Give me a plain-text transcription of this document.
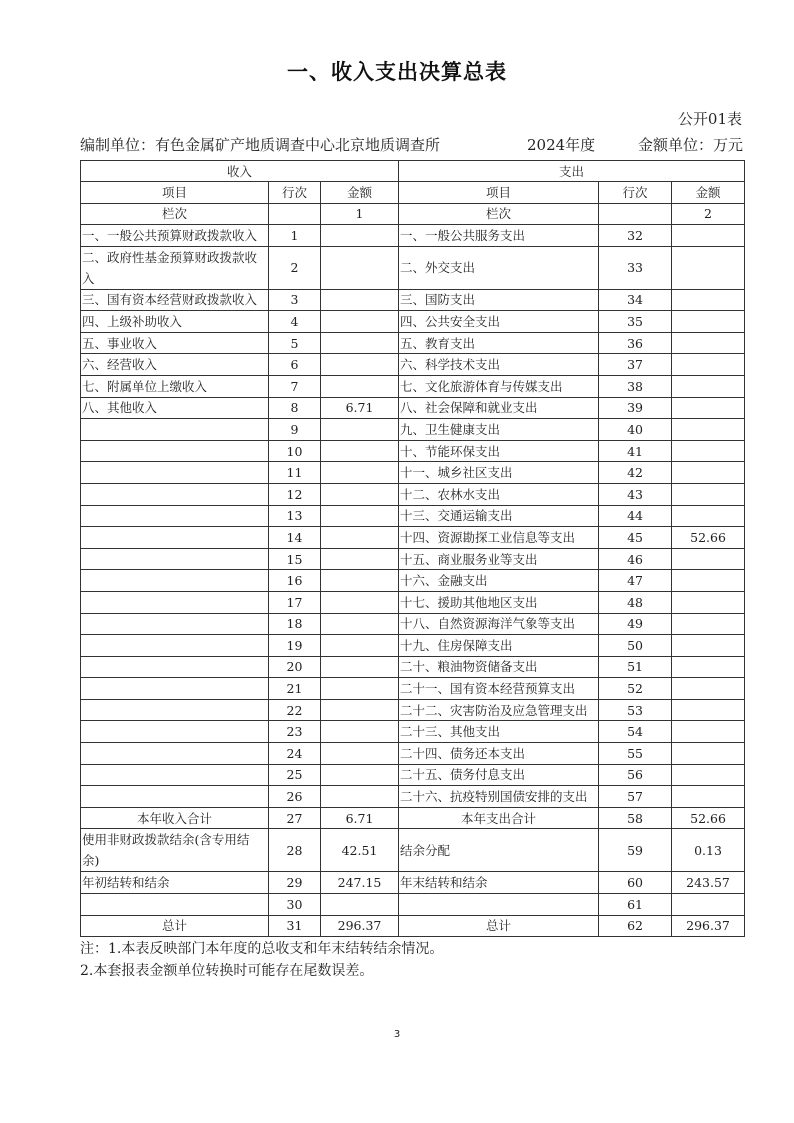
一、收入支出决算总表
公开01表
编制单位：有色金属矿产地质调查中心北京地质调查所	2024年度	金额单位：万元
收入			支出		
项目	行次	金额	项目	行次	金额
栏次		1	栏次		2
一、一般公共预算财政拨款收入	1		一、一般公共服务支出	32	
二、政府性基金预算财政拨款收入	2		二、外交支出	33	
三、国有资本经营财政拨款收入	3		三、国防支出	34	
四、上级补助收入	4		四、公共安全支出	35	
五、事业收入	5		五、教育支出	36	
六、经营收入	6		六、科学技术支出	37	
七、附属单位上缴收入	7		七、文化旅游体育与传媒支出	38	
八、其他收入	8	6.71	八、社会保障和就业支出	39	
	9		九、卫生健康支出	40	
	10		十、节能环保支出	41	
	11		十一、城乡社区支出	42	
	12		十二、农林水支出	43	
	13		十三、交通运输支出	44	
	14		十四、资源勘探工业信息等支出	45	52.66
	15		十五、商业服务业等支出	46	
	16		十六、金融支出	47	
	17		十七、援助其他地区支出	48	
	18		十八、自然资源海洋气象等支出	49	
	19		十九、住房保障支出	50	
	20		二十、粮油物资储备支出	51	
	21		二十一、国有资本经营预算支出	52	
	22		二十二、灾害防治及应急管理支出	53	
	23		二十三、其他支出	54	
	24		二十四、债务还本支出	55	
	25		二十五、债务付息支出	56	
	26		二十六、抗疫特别国债安排的支出	57	
本年收入合计	27	6.71	本年支出合计	58	52.66
使用非财政拨款结余(含专用结余)	28	42.51	结余分配	59	0.13
年初结转和结余	29	247.15	年末结转和结余	60	243.57
	30			61	
总计	31	296.37	总计	62	296.37
注：1.本表反映部门本年度的总收支和年末结转结余情况。
2.本套报表金额单位转换时可能存在尾数误差。
3
